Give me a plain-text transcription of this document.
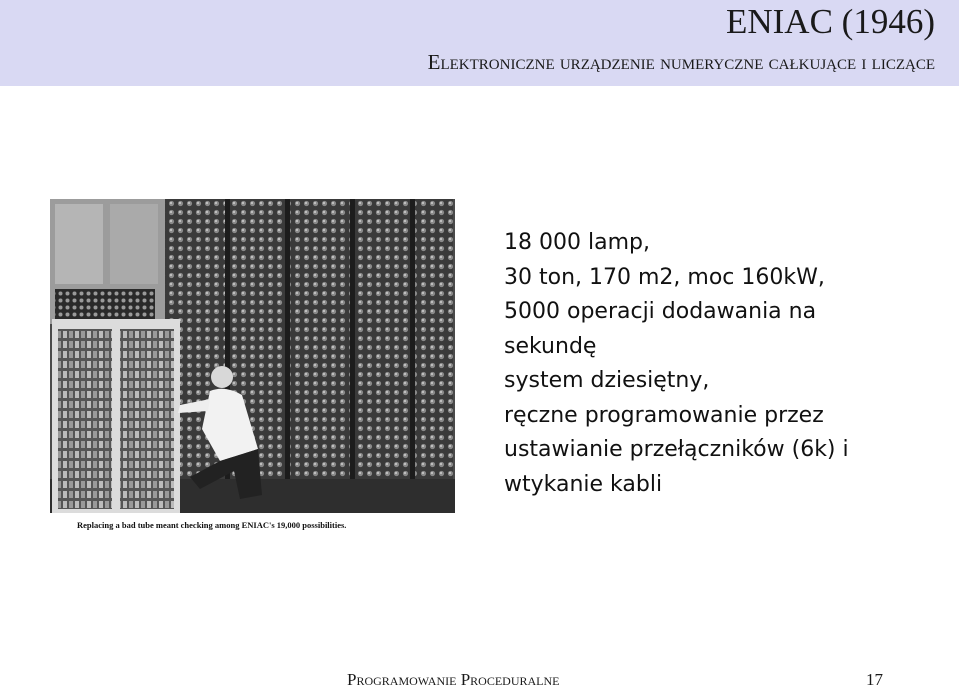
ENIAC (1946)
Elektroniczne urządzenie numeryczne całkujące i liczące
Replacing a bad tube meant checking among ENIAC's 19,000 possibilities.
18 000 lamp,
30 ton, 170 m2, moc 160kW,
5000 operacji dodawania na
sekundę
system dziesiętny,
ręczne programowanie przez
ustawianie przełączników (6k) i
wtykanie kabli
Programowanie Proceduralne	17
